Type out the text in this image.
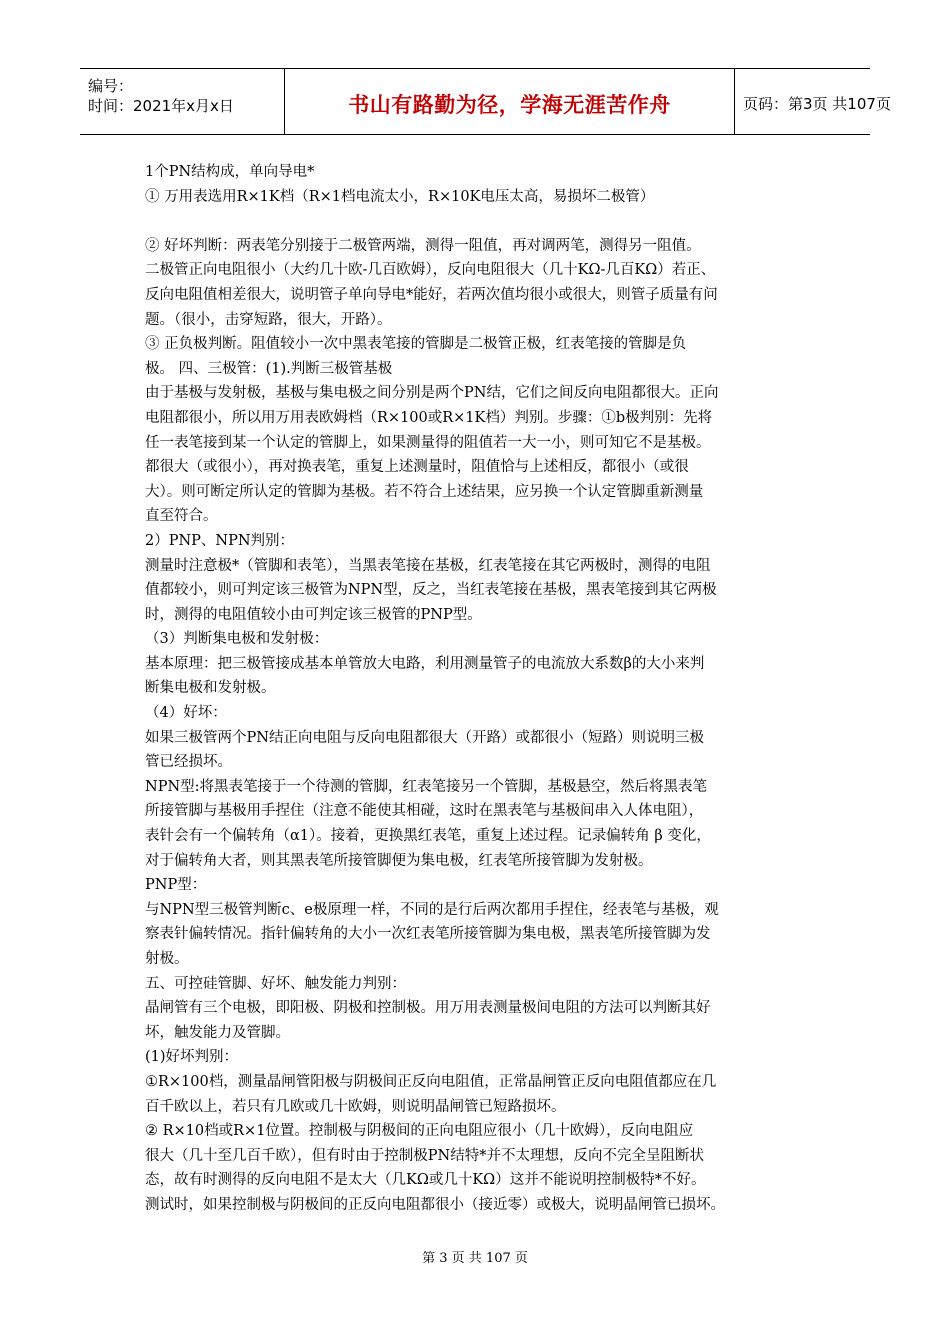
编号：
时间：2021年x月x日	书山有路勤为径，学海无涯苦作舟	页码：第3页 共107页
1个PN结构成，单向导电*
① 万用表选用R×1K档（R×1档电流太小，R×10K电压太高，易损坏二极管）
② 好坏判断：两表笔分别接于二极管两端，测得一阻值，再对调两笔，测得另一阻值。
二极管正向电阻很小（大约几十欧-几百欧姆），反向电阻很大（几十KΩ-几百KΩ）若正、
反向电阻值相差很大，说明管子单向导电*能好，若两次值均很小或很大，则管子质量有问
题。（很小，击穿短路，很大，开路）。
③ 正负极判断。阻值较小一次中黑表笔接的管脚是二极管正极，红表笔接的管脚是负
极。 四、三极管：(1).判断三极管基极
由于基极与发射极，基极与集电极之间分别是两个PN结，它们之间反向电阻都很大。正向
电阻都很小，所以用万用表欧姆档（R×100或R×1K档）判别。步骤：①b极判别：先将
任一表笔接到某一个认定的管脚上，如果测量得的阻值若一大一小，则可知它不是基极。
都很大（或很小），再对换表笔，重复上述测量时，阻值恰与上述相反，都很小（或很
大）。则可断定所认定的管脚为基极。若不符合上述结果，应另换一个认定管脚重新测量
直至符合。
2）PNP、NPN判别：
测量时注意极*（管脚和表笔），当黑表笔接在基极，红表笔接在其它两极时，测得的电阻
值都较小，则可判定该三极管为NPN型，反之，当红表笔接在基极，黑表笔接到其它两极
时，测得的电阻值较小由可判定该三极管的PNP型。
（3）判断集电极和发射极：
基本原理：把三极管接成基本单管放大电路，利用测量管子的电流放大系数β的大小来判
断集电极和发射极。
（4）好坏：
如果三极管两个PN结正向电阻与反向电阻都很大（开路）或都很小（短路）则说明三极
管已经损坏。
NPN型:将黑表笔接于一个待测的管脚，红表笔接另一个管脚，基极悬空，然后将黑表笔
所接管脚与基极用手捏住（注意不能使其相碰，这时在黑表笔与基极间串入人体电阻），
表针会有一个偏转角（α1）。接着，更换黑红表笔，重复上述过程。记录偏转角 β 变化，
对于偏转角大者，则其黑表笔所接管脚便为集电极，红表笔所接管脚为发射极。
PNP型：
与NPN型三极管判断c、e极原理一样，不同的是行后两次都用手捏住，经表笔与基极，观
察表针偏转情况。指针偏转角的大小一次红表笔所接管脚为集电极，黑表笔所接管脚为发
射极。
五、可控硅管脚、好坏、触发能力判别：
晶闸管有三个电极，即阳极、阴极和控制极。用万用表测量极间电阻的方法可以判断其好
坏，触发能力及管脚。
(1)好坏判别：
①R×100档，测量晶闸管阳极与阴极间正反向电阻值，正常晶闸管正反向电阻值都应在几
百千欧以上，若只有几欧或几十欧姆，则说明晶闸管已短路损坏。
② R×10档或R×1位置。控制极与阴极间的正向电阻应很小（几十欧姆），反向电阻应
很大（几十至几百千欧），但有时由于控制极PN结特*并不太理想，反向不完全呈阻断状
态，故有时测得的反向电阻不是太大（几KΩ或几十KΩ）这并不能说明控制极特*不好。
测试时，如果控制极与阴极间的正反向电阻都很小（接近零）或极大，说明晶闸管已损坏。
第 3 页 共 107 页
